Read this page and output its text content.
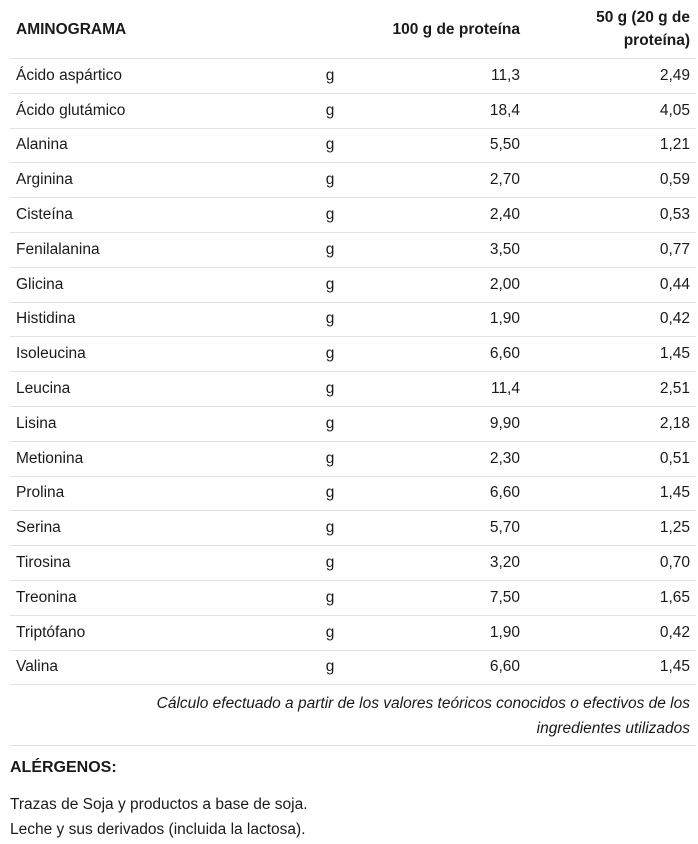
AMINOGRAMA		100 g de proteína	50 g (20 g de proteína)
Ácido aspártico	g	11,3	2,49
Ácido glutámico	g	18,4	4,05
Alanina	g	5,50	1,21
Arginina	g	2,70	0,59
Cisteína	g	2,40	0,53
Fenilalanina	g	3,50	0,77
Glicina	g	2,00	0,44
Histidina	g	1,90	0,42
Isoleucina	g	6,60	1,45
Leucina	g	11,4	2,51
Lisina	g	9,90	2,18
Metionina	g	2,30	0,51
Prolina	g	6,60	1,45
Serina	g	5,70	1,25
Tirosina	g	3,20	0,70
Treonina	g	7,50	1,65
Triptófano	g	1,90	0,42
Valina	g	6,60	1,45
Cálculo efectuado a partir de los valores teóricos conocidos o efectivos de los ingredientes utilizados
ALÉRGENOS:
Trazas de Soja y productos a base de soja.
Leche y sus derivados (incluida la lactosa).
